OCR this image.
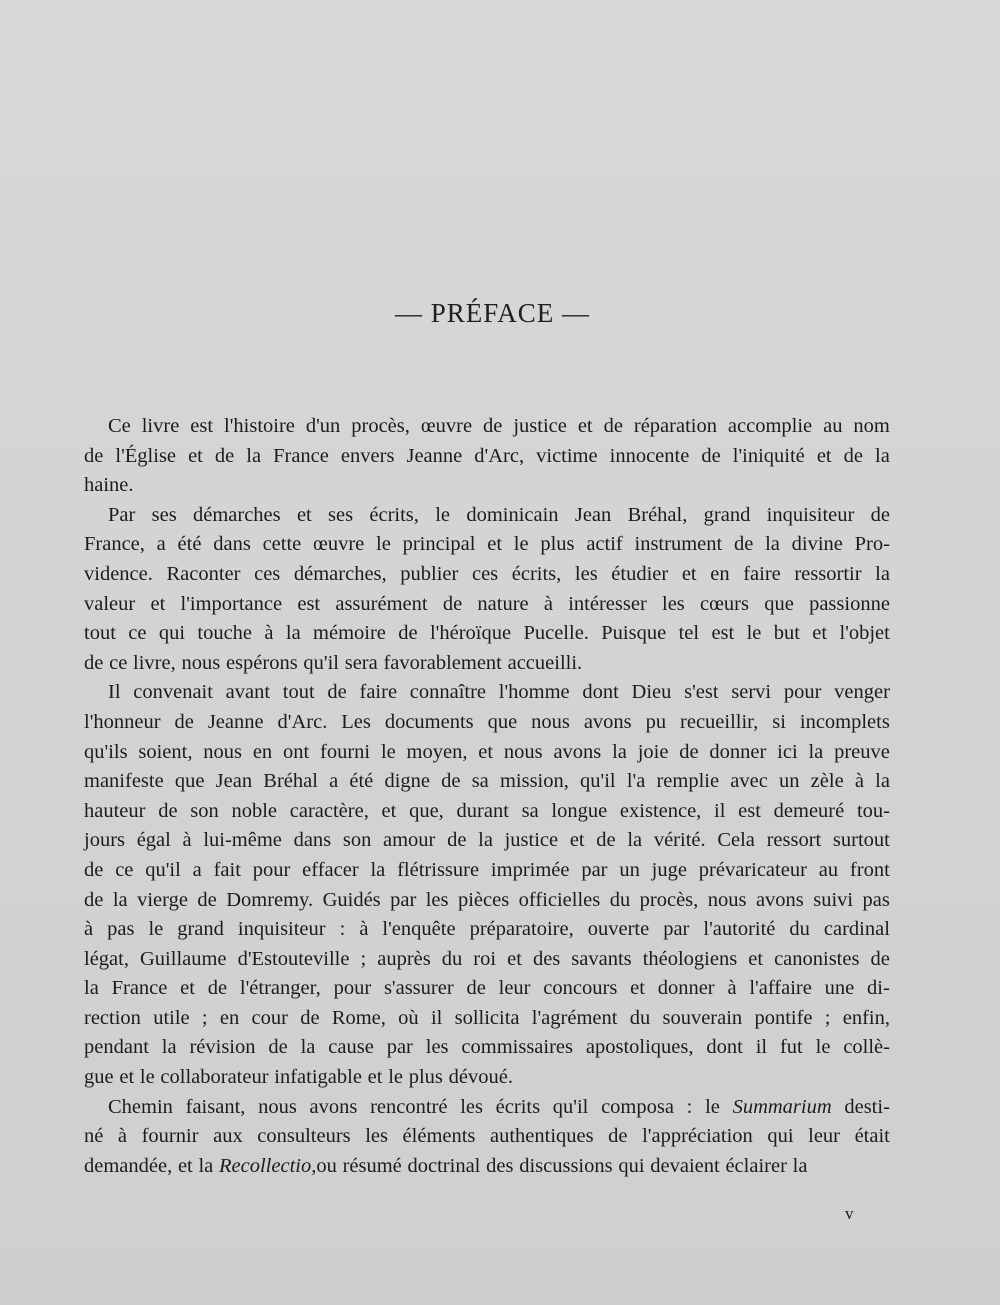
— PRÉFACE —
Ce livre est l'histoire d'un procès, œuvre de justice et de réparation accomplie au nom
de l'Église et de la France envers Jeanne d'Arc, victime innocente de l'iniquité et de la
haine.
Par ses démarches et ses écrits, le dominicain Jean Bréhal, grand inquisiteur de
France, a été dans cette œuvre le principal et le plus actif instrument de la divine Pro-
vidence. Raconter ces démarches, publier ces écrits, les étudier et en faire ressortir la
valeur et l'importance est assurément de nature à intéresser les cœurs que passionne
tout ce qui touche à la mémoire de l'héroïque Pucelle. Puisque tel est le but et l'objet
de ce livre, nous espérons qu'il sera favorablement accueilli.
Il convenait avant tout de faire connaître l'homme dont Dieu s'est servi pour venger
l'honneur de Jeanne d'Arc. Les documents que nous avons pu recueillir, si incomplets
qu'ils soient, nous en ont fourni le moyen, et nous avons la joie de donner ici la preuve
manifeste que Jean Bréhal a été digne de sa mission, qu'il l'a remplie avec un zèle à la
hauteur de son noble caractère, et que, durant sa longue existence, il est demeuré tou-
jours égal à lui-même dans son amour de la justice et de la vérité. Cela ressort surtout
de ce qu'il a fait pour effacer la flétrissure imprimée par un juge prévaricateur au front
de la vierge de Domremy. Guidés par les pièces officielles du procès, nous avons suivi pas
à pas le grand inquisiteur : à l'enquête préparatoire, ouverte par l'autorité du cardinal
légat, Guillaume d'Estouteville ; auprès du roi et des savants théologiens et canonistes de
la France et de l'étranger, pour s'assurer de leur concours et donner à l'affaire une di-
rection utile ; en cour de Rome, où il sollicita l'agrément du souverain pontife ; enfin,
pendant la révision de la cause par les commissaires apostoliques, dont il fut le collè-
gue et le collaborateur infatigable et le plus dévoué.
Chemin faisant, nous avons rencontré les écrits qu'il composa : le Summarium desti-
né à fournir aux consulteurs les éléments authentiques de l'appréciation qui leur était
demandée, et la Recollectio, ou résumé doctrinal des discussions qui devaient éclairer la
v
